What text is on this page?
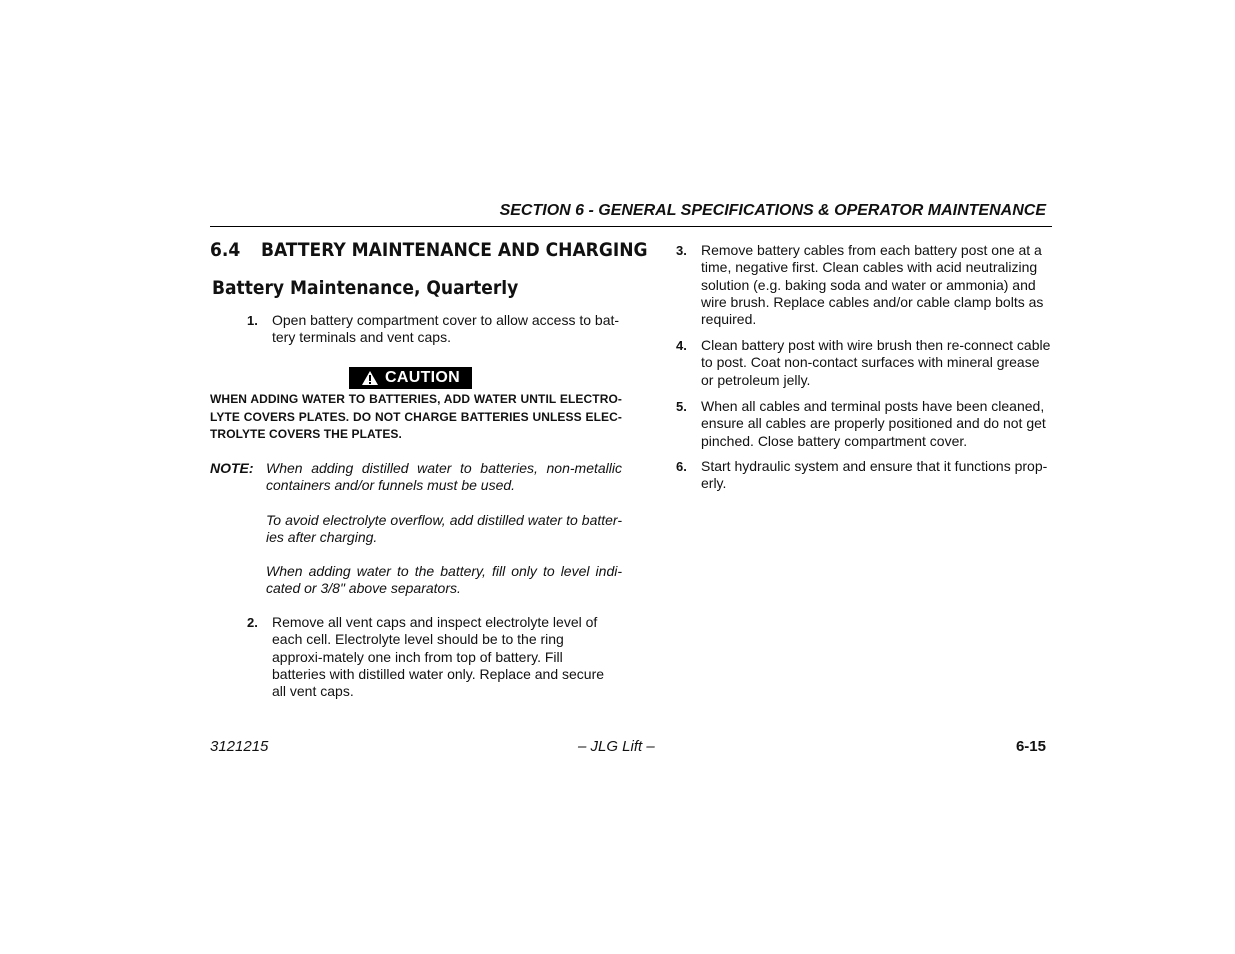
SECTION 6 - GENERAL SPECIFICATIONS & OPERATOR MAINTENANCE
6.4 BATTERY MAINTENANCE AND CHARGING
Battery Maintenance, Quarterly
1. Open battery compartment cover to allow access to bat-tery terminals and vent caps.
CAUTION
WHEN ADDING WATER TO BATTERIES, ADD WATER UNTIL ELECTRO-LYTE COVERS PLATES. DO NOT CHARGE BATTERIES UNLESS ELEC-TROLYTE COVERS THE PLATES.
NOTE: When adding distilled water to batteries, non-metallic containers and/or funnels must be used.
To avoid electrolyte overflow, add distilled water to batter-ies after charging.
When adding water to the battery, fill only to level indi-cated or 3/8" above separators.
2. Remove all vent caps and inspect electrolyte level of each cell. Electrolyte level should be to the ring approxi-mately one inch from top of battery. Fill batteries with distilled water only. Replace and secure all vent caps.
3. Remove battery cables from each battery post one at a time, negative first. Clean cables with acid neutralizing solution (e.g. baking soda and water or ammonia) and wire brush. Replace cables and/or cable clamp bolts as required.
4. Clean battery post with wire brush then re-connect cable to post. Coat non-contact surfaces with mineral grease or petroleum jelly.
5. When all cables and terminal posts have been cleaned, ensure all cables are properly positioned and do not get pinched. Close battery compartment cover.
6. Start hydraulic system and ensure that it functions prop-erly.
3121215	– JLG Lift –	6-15
